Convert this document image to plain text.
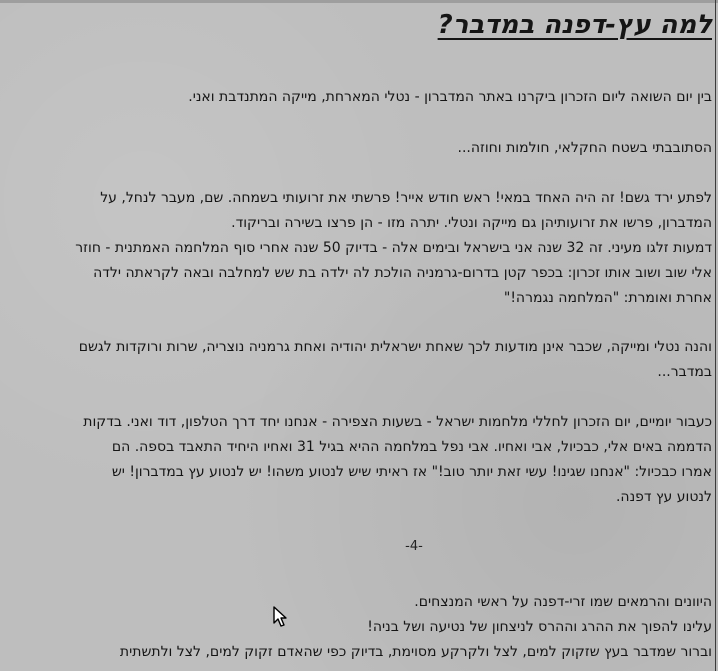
למה עץ-דפנה במדבר?
בין יום השואה ליום הזכרון ביקרנו באתר המדברון - נטלי המארחת, מייקה המתנדבת ואני.
הסתובבתי בשטח החקלאי, חולמות וחוזה...
לפתע ירד גשם! זה היה האחד במאי! ראש חודש אייר! פרשתי את זרועותי בשמחה. שם, מעבר לנחל, על
המדברון, פרשו את זרועותיהן גם מייקה ונטלי. יתרה מזו - הן פרצו בשירה ובריקוד.
דמעות זלגו מעיני. זה 32 שנה אני בישראל ובימים אלה - בדיוק 50 שנה אחרי סוף המלחמה האמתנית - חוזר
אלי שוב ושוב אותו זכרון: בכפר קטן בדרום-גרמניה הולכת לה ילדה בת שש למחלבה ובאה לקראתה ילדה
אחרת ואומרת: "המלחמה נגמרה!"
והנה נטלי ומייקה, שכבר אינן מודעות לכך שאחת ישראלית יהודיה ואחת גרמניה נוצריה, שרות ורוקדות לגשם
במדבר...
כעבור יומיים, יום הזכרון לחללי מלחמות ישראל - בשעות הצפירה - אנחנו יחד דרך הטלפון, דוד ואני. בדקות
הדממה באים אלי, כבכיול, אבי ואחיו. אבי נפל במלחמה ההיא בגיל 31 ואחיו היחיד התאבד בספה. הם
אמרו כבכיול: "אנחנו שגינו! עשי זאת יותר טוב!" אז ראיתי שיש לנטוע משהו! יש לנטוע עץ במדברון! יש
לנטוע עץ דפנה.
-4-
היוונים והרמאים שמו זרי-דפנה על ראשי המנצחים.
עלינו להפוך את ההרג וההרס לניצחון של נטיעה ושל בניה!
וברור שמדבר בעץ שזקוק למים, לצל ולקרקע מסוימת, בדיוק כפי שהאדם זקוק למים, לצל ולתשתית
